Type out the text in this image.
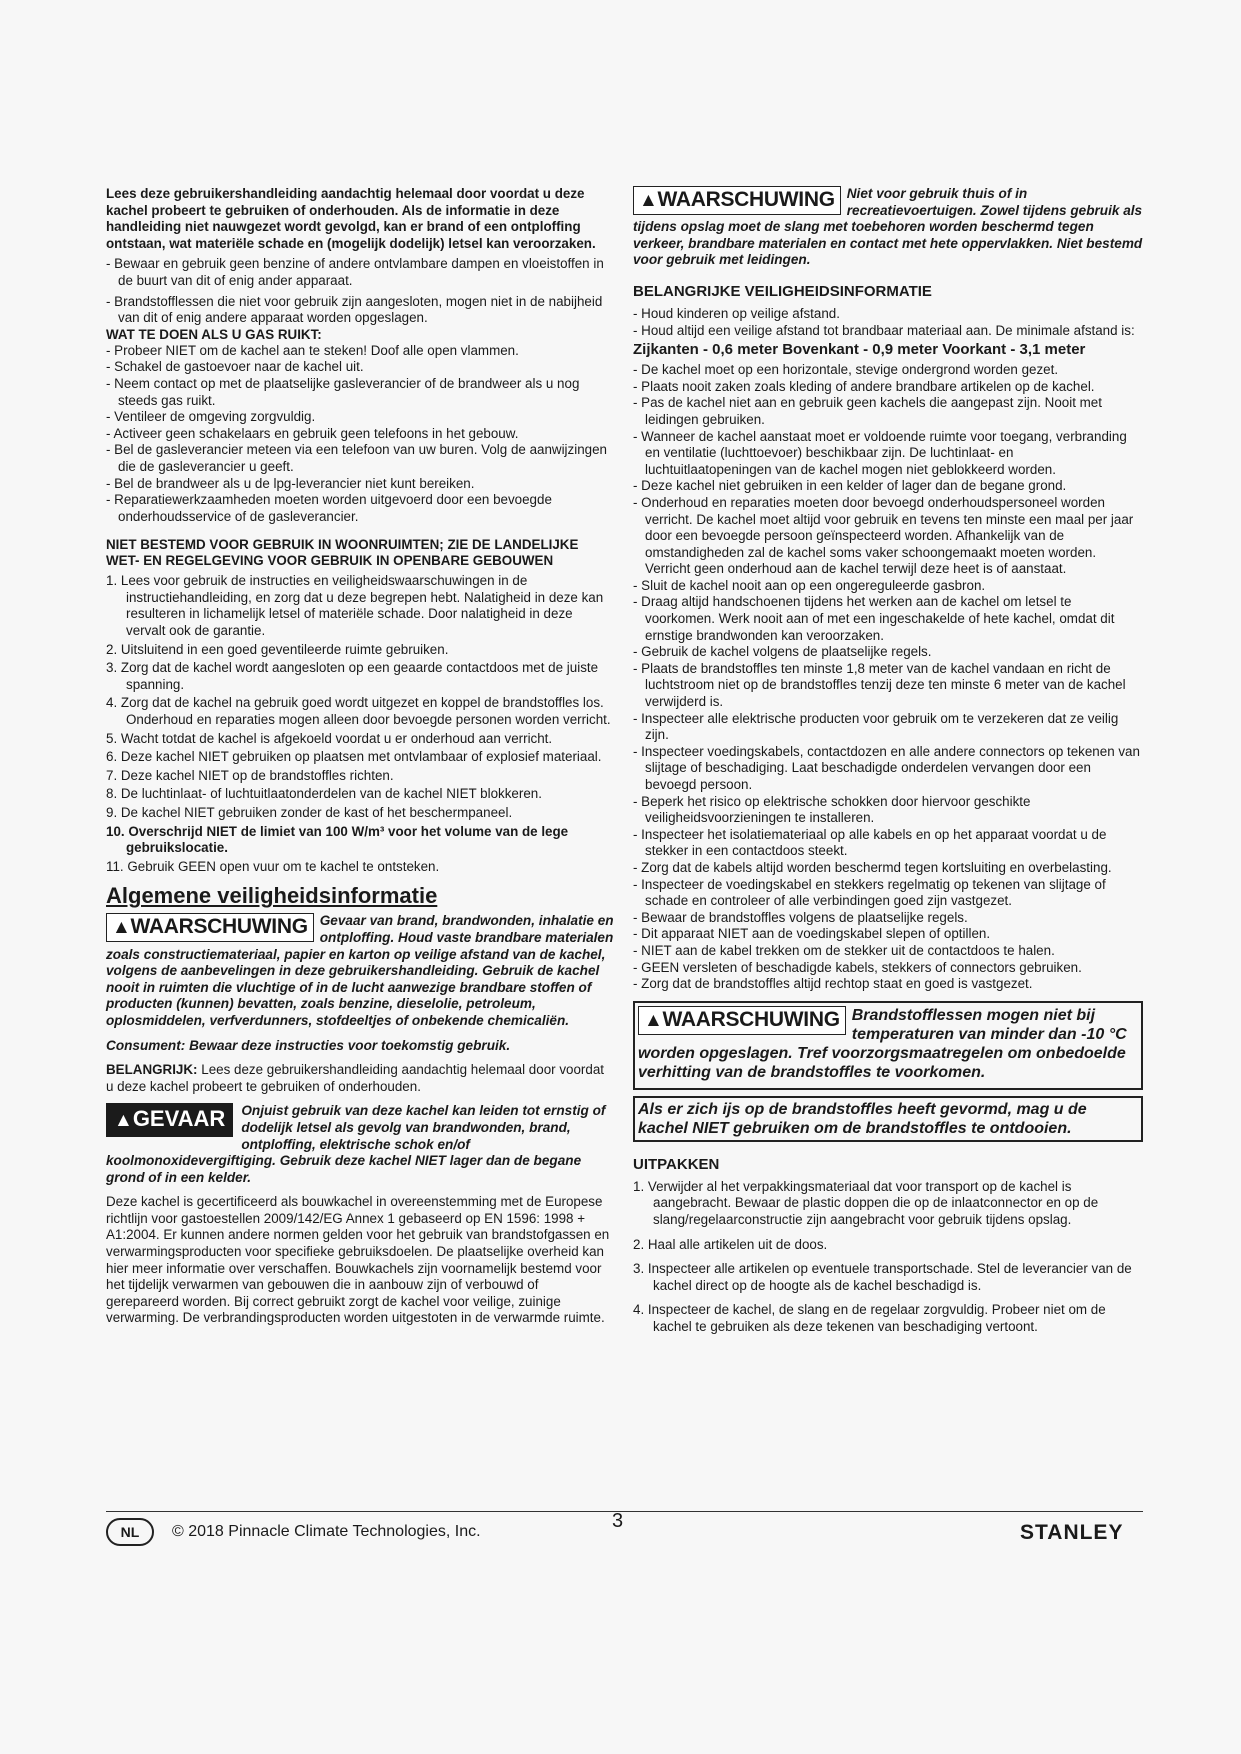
Lees deze gebruikershandleiding aandachtig helemaal door voordat u deze kachel probeert te gebruiken of onderhouden. Als de informatie in deze handleiding niet nauwgezet wordt gevolgd, kan er brand of een ontploffing ontstaan, wat materiële schade en (mogelijk dodelijk) letsel kan veroorzaken.

- Bewaar en gebruik geen benzine of andere ontvlambare dampen en vloeistoffen in de buurt van dit of enig ander apparaat.
- Brandstofflessen die niet voor gebruik zijn aangesloten, mogen niet in de nabijheid van dit of enig andere apparaat worden opgeslagen.
WAT TE DOEN ALS U GAS RUIKT:
- Probeer NIET om de kachel aan te steken! Doof alle open vlammen.
- Schakel de gastoevoer naar de kachel uit.
- Neem contact op met de plaatselijke gasleverancier of de brandweer als u nog steeds gas ruikt.
- Ventileer de omgeving zorgvuldig.
- Activeer geen schakelaars en gebruik geen telefoons in het gebouw.
- Bel de gasleverancier meteen via een telefoon van uw buren. Volg de aanwijzingen die de gasleverancier u geeft.
- Bel de brandweer als u de lpg-leverancier niet kunt bereiken.
- Reparatiewerkzaamheden moeten worden uitgevoerd door een bevoegde onderhoudsservice of de gasleverancier.
NIET BESTEMD VOOR GEBRUIK IN WOONRUIMTEN; ZIE DE LANDELIJKE WET- EN REGELGEVING VOOR GEBRUIK IN OPENBARE GEBOUWEN
1. Lees voor gebruik de instructies en veiligheidswaarschuwingen in de instructiehandleiding, en zorg dat u deze begrepen hebt. Nalatigheid in deze kan resulteren in lichamelijk letsel of materiële schade. Door nalatigheid in deze vervalt ook de garantie.
2. Uitsluitend in een goed geventileerde ruimte gebruiken.
3. Zorg dat de kachel wordt aangesloten op een geaarde contactdoos met de juiste spanning.
4. Zorg dat de kachel na gebruik goed wordt uitgezet en koppel de brandstoffles los. Onderhoud en reparaties mogen alleen door bevoegde personen worden verricht.
5. Wacht totdat de kachel is afgekoeld voordat u er onderhoud aan verricht.
6. Deze kachel NIET gebruiken op plaatsen met ontvlambaar of explosief materiaal.
7. Deze kachel NIET op de brandstoffles richten.
8. De luchtinlaat- of luchtuitlaatonderdelen van de kachel NIET blokkeren.
9. De kachel NIET gebruiken zonder de kast of het beschermpaneel.
10. Overschrijd NIET de limiet van 100 W/m³ voor het volume van de lege gebruikslocatie.
11. Gebruik GEEN open vuur om te kachel te ontsteken.
Algemene veiligheidsinformatie
▲WAARSCHUWING Gevaar van brand, brandwonden, inhalatie en ontploffing. Houd vaste brandbare materialen zoals constructiemateriaal, papier en karton op veilige afstand van de kachel, volgens de aanbevelingen in deze gebruikershandleiding. Gebruik de kachel nooit in ruimten die vluchtige of in de lucht aanwezige brandbare stoffen of producten (kunnen) bevatten, zoals benzine, dieselolie, petroleum, oplosmiddelen, verfverdunners, stofdeeltjes of onbekende chemicaliën.

Consument: Bewaar deze instructies voor toekomstig gebruik.

BELANGRIJK: Lees deze gebruikershandleiding aandachtig helemaal door voordat u deze kachel probeert te gebruiken of onderhouden.

▲GEVAAR	Onjuist gebruik van deze kachel kan leiden tot ernstig of dodelijk letsel als gevolg van brandwonden, brand, ontploffing, elektrische schok en/of koolmonoxidevergiftiging. Gebruik deze kachel NIET lager dan de begane grond of in een kelder.

Deze kachel is gecertificeerd als bouwkachel in overeenstemming met de Europese richtlijn voor gastoestellen 2009/142/EG Annex 1 gebaseerd op EN 1596: 1998 + A1:2004. Er kunnen andere normen gelden voor het gebruik van brandstofgassen en verwarmingsproducten voor specifieke gebruiksdoelen. De plaatselijke overheid kan hier meer informatie over verschaffen. Bouwkachels zijn voornamelijk bestemd voor het tijdelijk verwarmen van gebouwen die in aanbouw zijn of verbouwd of gerepareerd worden. Bij correct gebruikt zorgt de kachel voor veilige, zuinige verwarming. De verbrandingsproducten worden uitgestoten in de verwarmde ruimte.

▲WAARSCHUWING Niet voor gebruik thuis of in recreatievoertuigen. Zowel tijdens gebruik als tijdens opslag moet de slang met toebehoren worden beschermd tegen verkeer, brandbare materialen en contact met hete oppervlakken. Niet bestemd voor gebruik met leidingen.
BELANGRIJKE VEILIGHEIDSINFORMATIE
- Houd kinderen op veilige afstand.
- Houd altijd een veilige afstand tot brandbaar materiaal aan. De minimale afstand is:
Zijkanten - 0,6 meter Bovenkant - 0,9 meter Voorkant - 3,1 meter
- De kachel moet op een horizontale, stevige ondergrond worden gezet.
- Plaats nooit zaken zoals kleding of andere brandbare artikelen op de kachel.
- Pas de kachel niet aan en gebruik geen kachels die aangepast zijn. Nooit met leidingen gebruiken.
- Wanneer de kachel aanstaat moet er voldoende ruimte voor toegang, verbranding en ventilatie (luchttoevoer) beschikbaar zijn. De luchtinlaat- en luchtuitlaatopeningen van de kachel mogen niet geblokkeerd worden.
- Deze kachel niet gebruiken in een kelder of lager dan de begane grond.
- Onderhoud en reparaties moeten door bevoegd onderhoudspersoneel worden verricht. De kachel moet altijd voor gebruik en tevens ten minste een maal per jaar door een bevoegde persoon geïnspecteerd worden. Afhankelijk van de omstandigheden zal de kachel soms vaker schoongemaakt moeten worden. Verricht geen onderhoud aan de kachel terwijl deze heet is of aanstaat.
- Sluit de kachel nooit aan op een ongereguleerde gasbron.
- Draag altijd handschoenen tijdens het werken aan de kachel om letsel te voorkomen. Werk nooit aan of met een ingeschakelde of hete kachel, omdat dit ernstige brandwonden kan veroorzaken.
- Gebruik de kachel volgens de plaatselijke regels.
- Plaats de brandstoffles ten minste 1,8 meter van de kachel vandaan en richt de luchtstroom niet op de brandstoffles tenzij deze ten minste 6 meter van de kachel verwijderd is.
- Inspecteer alle elektrische producten voor gebruik om te verzekeren dat ze veilig zijn.
- Inspecteer voedingskabels, contactdozen en alle andere connectors op tekenen van slijtage of beschadiging. Laat beschadigde onderdelen vervangen door een bevoegd persoon.
- Beperk het risico op elektrische schokken door hiervoor geschikte veiligheidsvoorzieningen te installeren.
- Inspecteer het isolatiemateriaal op alle kabels en op het apparaat voordat u de stekker in een contactdoos steekt.
- Zorg dat de kabels altijd worden beschermd tegen kortsluiting en overbelasting.
- Inspecteer de voedingskabel en stekkers regelmatig op tekenen van slijtage of schade en controleer of alle verbindingen goed zijn vastgezet.
- Bewaar de brandstoffles volgens de plaatselijke regels.
- Dit apparaat NIET aan de voedingskabel slepen of optillen.
- NIET aan de kabel trekken om de stekker uit de contactdoos te halen.
- GEEN versleten of beschadigde kabels, stekkers of connectors gebruiken.
- Zorg dat de brandstoffles altijd rechtop staat en goed is vastgezet.
▲WAARSCHUWING Brandstofflessen mogen niet bij temperaturen van minder dan -10 °C worden opgeslagen. Tref voorzorgsmaatregelen om onbedoelde verhitting van de brandstoffles te voorkomen.
Als er zich ijs op de brandstoffles heeft gevormd, mag u de kachel NIET gebruiken om de brandstoffles te ontdooien.
UITPAKKEN
1. Verwijder al het verpakkingsmateriaal dat voor transport op de kachel is aangebracht. Bewaar de plastic doppen die op de inlaatconnector en op de slang/regelaarconstructie zijn aangebracht voor gebruik tijdens opslag.
2. Haal alle artikelen uit de doos.
3. Inspecteer alle artikelen op eventuele transportschade. Stel de leverancier van de kachel direct op de hoogte als de kachel beschadigd is.
4. Inspecteer de kachel, de slang en de regelaar zorgvuldig. Probeer niet om de kachel te gebruiken als deze tekenen van beschadiging vertoont.
NL	© 2018 Pinnacle Climate Technologies, Inc.	3	STANLEY
